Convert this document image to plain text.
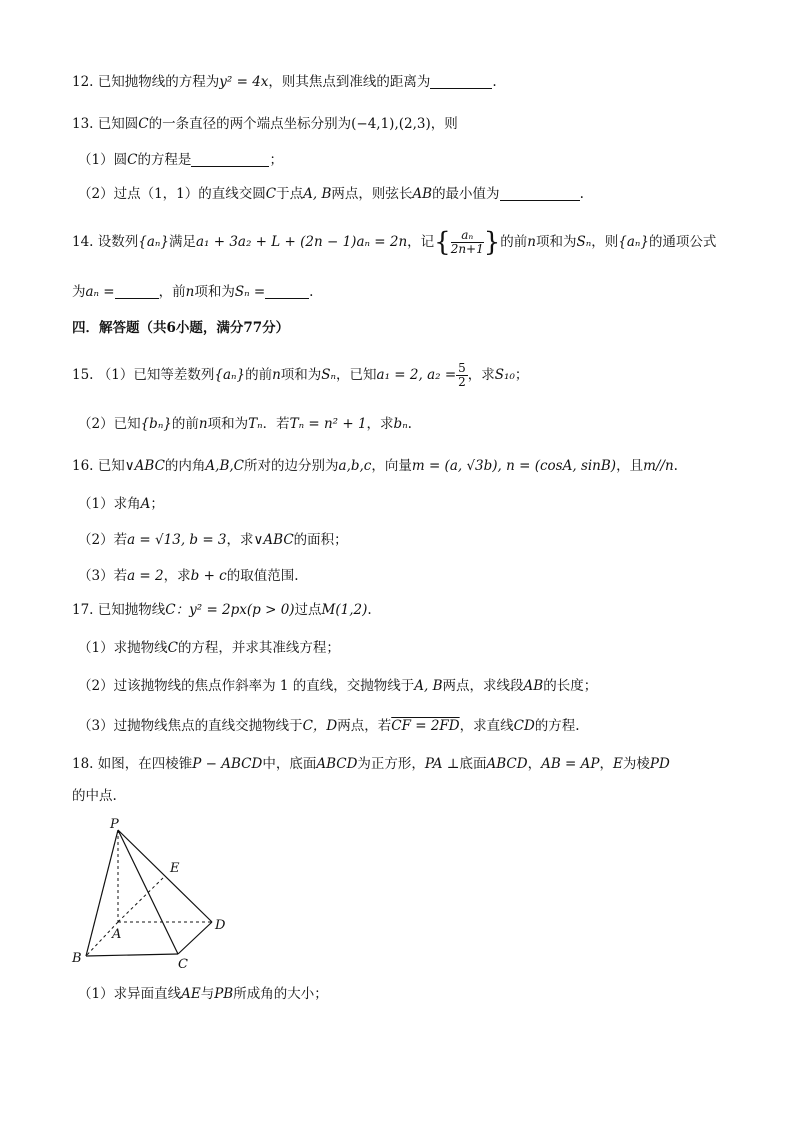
12. 已知抛物线的方程为y² = 4x，则其焦点到准线的距离为	.
13. 已知圆C的一条直径的两个端点坐标分别为(−4,1),(2,3)，则
（1）圆C的方程是	；
（2）过点（1，1）的直线交圆C于点A, B两点，则弦长AB的最小值为	.
14. 设数列{aₙ}满足a₁ + 3a₂ + L + (2n − 1)aₙ = 2n，记{ $\frac{\text{aₙ}}{2n+1}$ }的前n项和为Sₙ，则{aₙ}的通项公式
为aₙ =	，前n项和为Sₙ =	.
四．解答题（共6小题，满分77分）
15. （1）已知等差数列{aₙ}的前n项和为Sₙ，已知a₁ = 2, $a_2 = \frac{5}{2}$ ，求S₁₀；
（2）已知{bₙ}的前n项和为Tₙ．若Tₙ = n² + 1，求bₙ.
16. 已知∨ABC的内角A,B,C所对的边分别为a,b,c，向量m = (a, √3b), n = (cosA, sinB)，且m//n.
（1）求角A；
（2）若a = √13, b = 3，求∨ABC的面积；
（3）若a = 2，求b + c的取值范围.
17. 已知抛物线C：y² = 2px(p > 0)过点M(1,2).
（1）求抛物线C的方程，并求其准线方程；
（2）过该抛物线的焦点作斜率为 1 的直线，交抛物线于A, B两点，求线段AB的长度；
（3）过抛物线焦点的直线交抛物线于C，D两点，若CF = 2FD，求直线CD的方程.
18. 如图，在四棱锥P − ABCD中，底面ABCD为正方形，PA ⊥底面ABCD，AB = AP，E为棱PD
的中点.
P
E
A
D
B	C
（1）求异面直线AE与PB所成角的大小；
